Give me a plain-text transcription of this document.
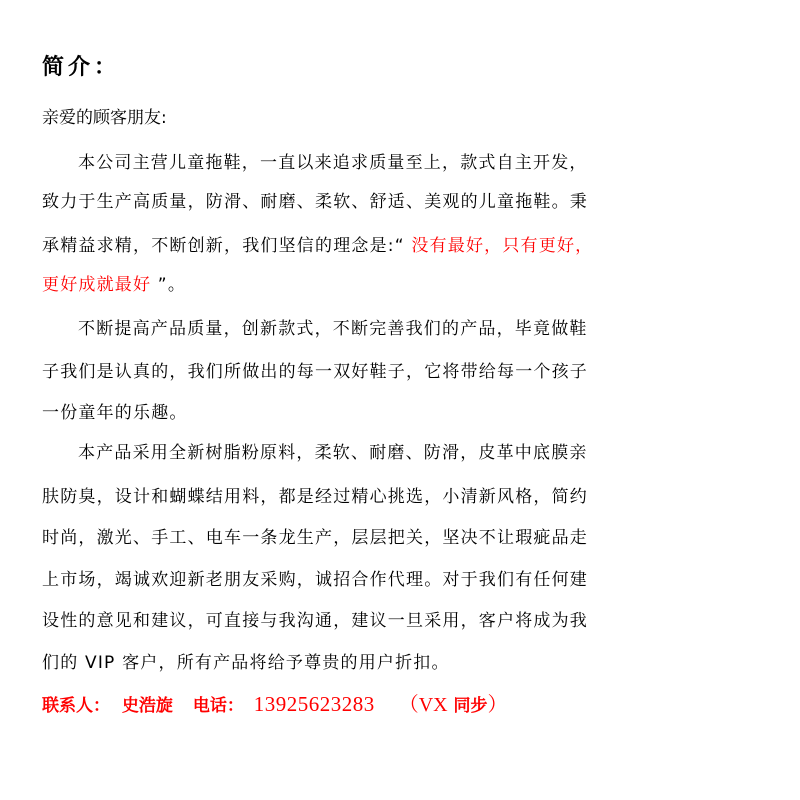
简介：
亲爱的顾客朋友:
本公司主营儿童拖鞋，一直以来追求质量至上，款式自主开发，
致力于生产高质量，防滑、耐磨、柔软、舒适、美观的儿童拖鞋。秉
承精益求精，不断创新，我们坚信的理念是:“ 没有最好，只有更好，
更好成就最好 ”。
不断提高产品质量，创新款式，不断完善我们的产品，毕竟做鞋
子我们是认真的，我们所做出的每一双好鞋子，它将带给每一个孩子
一份童年的乐趣。
本产品采用全新树脂粉原料，柔软、耐磨、防滑，皮革中底膜亲
肤防臭，设计和蝴蝶结用料，都是经过精心挑选，小清新风格，简约
时尚，激光、手工、电车一条龙生产，层层把关，坚决不让瑕疵品走
上市场，竭诚欢迎新老朋友采购，诚招合作代理。对于我们有任何建
设性的意见和建议，可直接与我沟通，建议一旦采用，客户将成为我
们的 VIP 客户，所有产品将给予尊贵的用户折扣。
联系人： 史浩旋 电话： 13925623283 （VX 同步）
